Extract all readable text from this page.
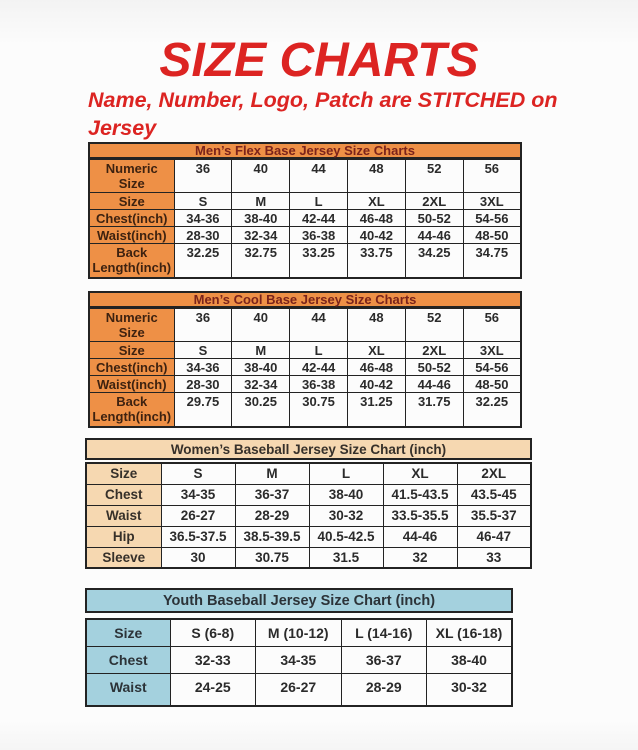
SIZE CHARTS
Name, Number, Logo, Patch are STITCHED on Jersey
Men’s Flex Base Jersey Size Charts
Numeric Size	36	40	44	48	52	56
Size	S	M	L	XL	2XL	3XL
Chest(inch)	34-36	38-40	42-44	46-48	50-52	54-56
Waist(inch)	28-30	32-34	36-38	40-42	44-46	48-50
Back Length(inch)	32.25	32.75	33.25	33.75	34.25	34.75
Men’s Cool Base Jersey Size Charts
Numeric Size	36	40	44	48	52	56
Size	S	M	L	XL	2XL	3XL
Chest(inch)	34-36	38-40	42-44	46-48	50-52	54-56
Waist(inch)	28-30	32-34	36-38	40-42	44-46	48-50
Back Length(inch)	29.75	30.25	30.75	31.25	31.75	32.25
Women’s Baseball Jersey Size Chart (inch)
Size	S	M	L	XL	2XL
Chest	34-35	36-37	38-40	41.5-43.5	43.5-45
Waist	26-27	28-29	30-32	33.5-35.5	35.5-37
Hip	36.5-37.5	38.5-39.5	40.5-42.5	44-46	46-47
Sleeve	30	30.75	31.5	32	33
Youth Baseball Jersey Size Chart (inch)
Size	S (6-8)	M (10-12)	L (14-16)	XL (16-18)
Chest	32-33	34-35	36-37	38-40
Waist	24-25	26-27	28-29	30-32
